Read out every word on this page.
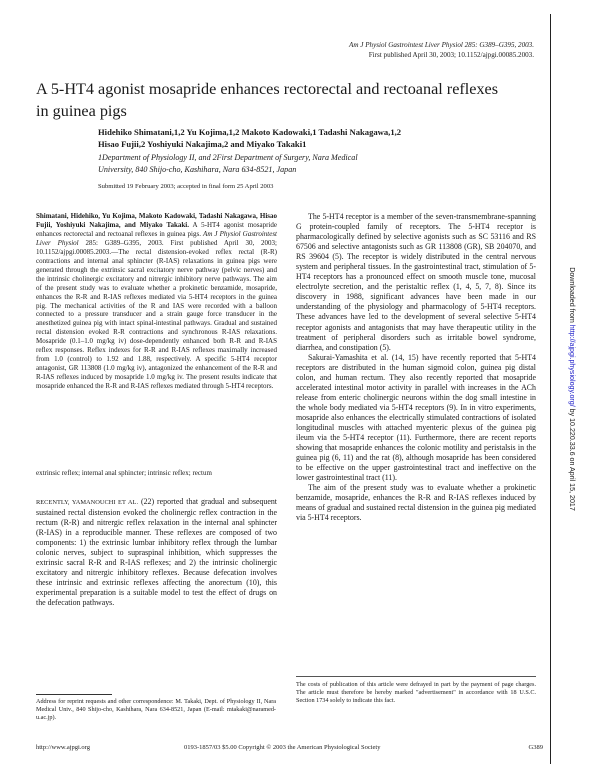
Am J Physiol Gastrointest Liver Physiol 285: G389–G395, 2003.
First published April 30, 2003; 10.1152/ajpgi.00085.2003.
A 5-HT4 agonist mosapride enhances rectorectal and rectoanal reflexes in guinea pigs
Hidehiko Shimatani,1,2 Yu Kojima,1,2 Makoto Kadowaki,1 Tadashi Nakagawa,1,2
Hisao Fujii,2 Yoshiyuki Nakajima,2 and Miyako Takaki1
1Department of Physiology II, and 2First Department of Surgery, Nara Medical
University, 840 Shijo-cho, Kashihara, Nara 634-8521, Japan
Submitted 19 February 2003; accepted in final form 25 April 2003
Shimatani, Hidehiko, Yu Kojima, Makoto Kadowaki, Tadashi Nakagawa, Hisao Fujii, Yoshiyuki Nakajima, and Miyako Takaki. A 5-HT4 agonist mosapride enhances rectorectal and rectoanal reflexes in guinea pigs. Am J Physiol Gastrointest Liver Physiol 285: G389–G395, 2003. First published April 30, 2003; 10.1152/ajpgi.00085.2003.—The rectal distension-evoked reflex rectal (R-R) contractions and internal anal sphincter (R-IAS) relaxations in guinea pigs were generated through the extrinsic sacral excitatory nerve pathway (pelvic nerves) and the intrinsic cholinergic excitatory and nitrergic inhibitory nerve pathways. The aim of the present study was to evaluate whether a prokinetic benzamide, mosapride, enhances the R-R and R-IAS reflexes mediated via 5-HT4 receptors in the guinea pig. The mechanical activities of the R and IAS were recorded with a balloon connected to a pressure transducer and a strain gauge force transducer in the anesthetized guinea pig with intact spinal-intestinal pathways. Gradual and sustained rectal distension evoked R-R contractions and synchronous R-IAS relaxations. Mosapride (0.1–1.0 mg/kg iv) dose-dependently enhanced both R-R and R-IAS reflex responses. Reflex indexes for R-R and R-IAS reflexes maximally increased from 1.0 (control) to 1.92 and 1.88, respectively. A specific 5-HT4 receptor antagonist, GR 113808 (1.0 mg/kg iv), antagonized the enhancement of the R-R and R-IAS reflexes induced by mosapride 1.0 mg/kg iv. The present results indicate that mosapride enhanced the R-R and R-IAS reflexes mediated through 5-HT4 receptors.
extrinsic reflex; internal anal sphincter; intrinsic reflex; rectum
RECENTLY, YAMANOUCHI ET AL. (22) reported that gradual and subsequent sustained rectal distension evoked the cholinergic reflex contraction in the rectum (R-R) and nitrergic reflex relaxation in the internal anal sphincter (R-IAS) in a reproducible manner. These reflexes are composed of two components: 1) the extrinsic lumbar inhibitory reflex through the lumbar colonic nerves, subject to supraspinal inhibition, which suppresses the extrinsic sacral R-R and R-IAS reflexes; and 2) the intrinsic cholinergic excitatory and nitrergic inhibitory reflexes. Because defecation involves these intrinsic and extrinsic reflexes affecting the anorectum (10), this experimental preparation is a suitable model to test the effect of drugs on the defecation pathways.

The 5-HT4 receptor is a member of the seven-transmembrane-spanning G protein-coupled family of receptors. The 5-HT4 receptor is pharmacologically defined by selective agonists such as SC 53116 and RS 67506 and selective antagonists such as GR 113808 (GR), SB 204070, and RS 39604 (5). The receptor is widely distributed in the central nervous system and peripheral tissues. In the gastrointestinal tract, stimulation of 5-HT4 receptors has a pronounced effect on smooth muscle tone, mucosal electrolyte secretion, and the peristaltic reflex (1, 4, 5, 7, 8). Since its discovery in 1988, significant advances have been made in our understanding of the physiology and pharmacology of 5-HT4 receptors. These advances have led to the development of several selective 5-HT4 receptor agonists and antagonists that may have therapeutic utility in the treatment of peripheral disorders such as irritable bowel syndrome, diarrhea, and constipation (5).

Sakurai-Yamashita et al. (14, 15) have recently reported that 5-HT4 receptors are distributed in the human sigmoid colon, guinea pig distal colon, and human rectum. They also recently reported that mosapride accelerated intestinal motor activity in parallel with increases in the ACh release from enteric cholinergic neurons within the dog small intestine in the whole body mediated via 5-HT4 receptors (9). In in vitro experiments, mosapride also enhances the electrically stimulated contractions of isolated longitudinal muscles with attached myenteric plexus of the guinea pig ileum via the 5-HT4 receptor (11). Furthermore, there are recent reports showing that mosapride enhances the colonic motility and peristalsis in the guinea pig (6, 11) and the rat (8), although mosapride has been considered to be effective on the upper gastrointestinal tract and ineffective on the lower gastrointestinal tract (11).

The aim of the present study was to evaluate whether a prokinetic benzamide, mosapride, enhances the R-R and R-IAS reflexes induced by means of gradual and sustained rectal distension in the guinea pig mediated via 5-HT4 receptors.

Address for reprint requests and other correspondence: M. Takaki, Dept. of Physiology II, Nara Medical Univ., 840 Shijo-cho, Kashihara, Nara 634-8521, Japan (E-mail: mtakaki@naramed-u.ac.jp).
The costs of publication of this article were defrayed in part by the payment of page charges. The article must therefore be hereby marked "advertisement" in accordance with 18 U.S.C. Section 1734 solely to indicate this fact.
http://www.ajpgi.org	0193-1857/03 $5.00 Copyright © 2003 the American Physiological Society	G389
Downloaded from http://ajpgi.physiology.org/ by 10.220.33.6 on April 15, 2017
